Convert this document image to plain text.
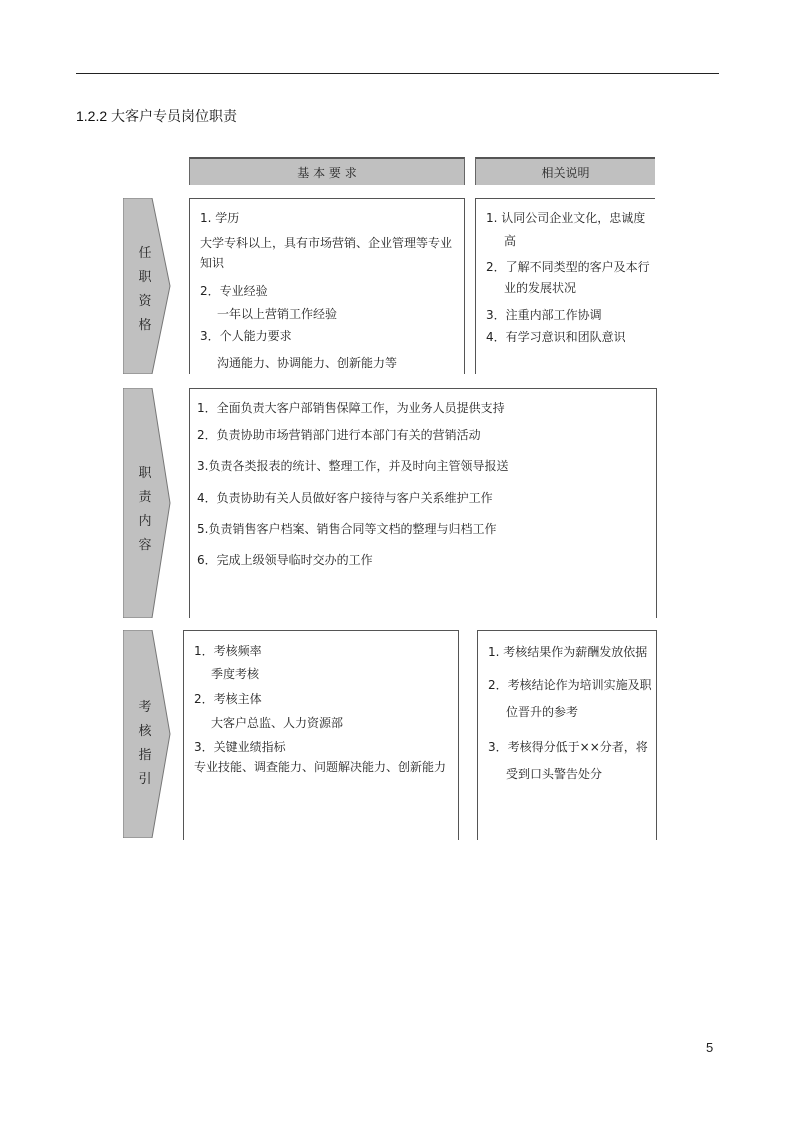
1.2.2 大客户专员岗位职责
基 本 要 求	相关说明
任
职
资
格
1. 学历
大学专科以上，具有市场营销、企业管理等专业
知识
2．专业经验
一年以上营销工作经验
3．个人能力要求
沟通能力、协调能力、创新能力等
1. 认同公司企业文化，忠诚度
高
2．了解不同类型的客户及本行
业的发展状况
3．注重内部工作协调
4．有学习意识和团队意识
职
责
内
容
1．全面负责大客户部销售保障工作，为业务人员提供支持
2．负责协助市场营销部门进行本部门有关的营销活动
3.负责各类报表的统计、整理工作，并及时向主管领导报送
4．负责协助有关人员做好客户接待与客户关系维护工作
5.负责销售客户档案、销售合同等文档的整理与归档工作
6．完成上级领导临时交办的工作
考
核
指
引
1．考核频率
季度考核
2．考核主体
大客户总监、人力资源部
3．关键业绩指标
专业技能、调查能力、问题解决能力、创新能力
1. 考核结果作为薪酬发放依据
2．考核结论作为培训实施及职
位晋升的参考
3．考核得分低于××分者，将
受到口头警告处分
5
